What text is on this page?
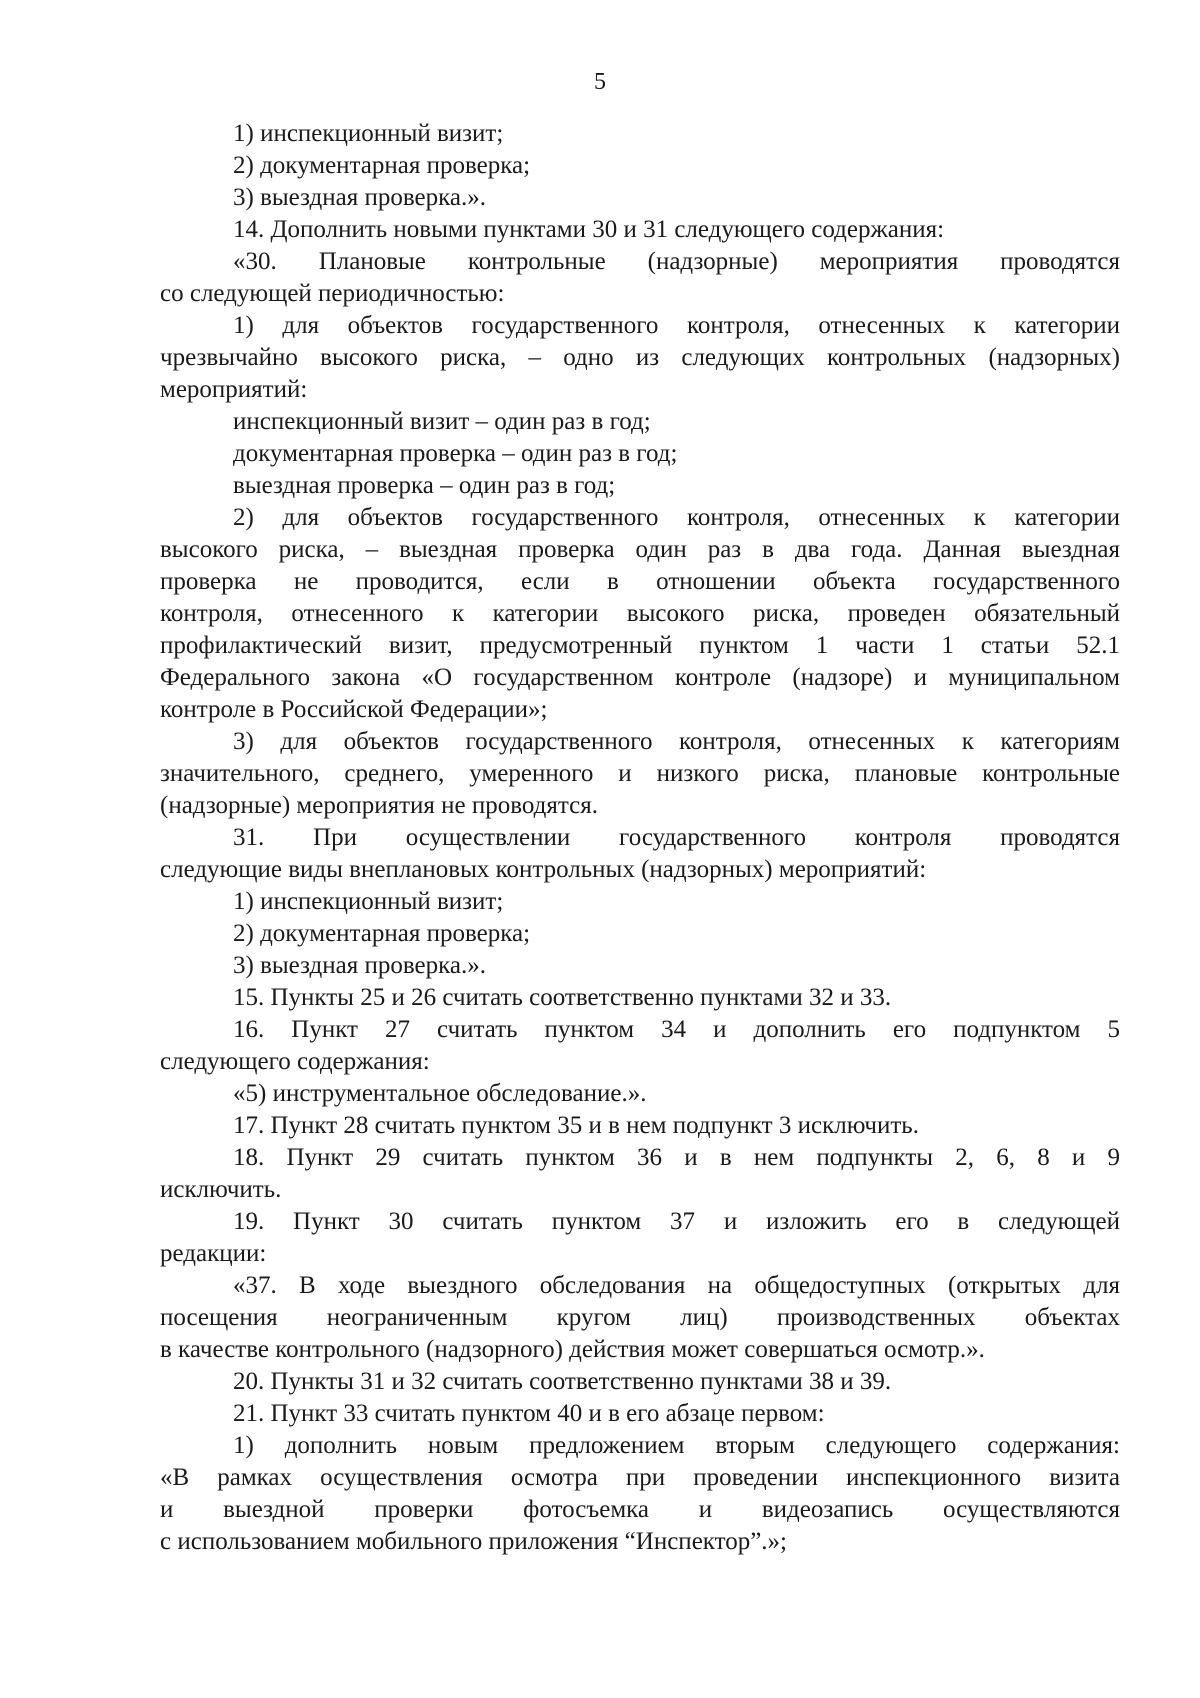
5
1) инспекционный визит;
2) документарная проверка;
3) выездная проверка.».
14. Дополнить новыми пунктами 30 и 31 следующего содержания:
«30. Плановые контрольные (надзорные) мероприятия проводятся
со следующей периодичностью:
1) для объектов государственного контроля, отнесенных к категории
чрезвычайно высокого риска, – одно из следующих контрольных (надзорных)
мероприятий:
инспекционный визит – один раз в год;
документарная проверка – один раз в год;
выездная проверка – один раз в год;
2) для объектов государственного контроля, отнесенных к категории
высокого риска, – выездная проверка один раз в два года. Данная выездная
проверка не проводится, если в отношении объекта государственного
контроля, отнесенного к категории высокого риска, проведен обязательный
профилактический визит, предусмотренный пунктом 1 части 1 статьи 52.1
Федерального закона «О государственном контроле (надзоре) и муниципальном
контроле в Российской Федерации»;
3) для объектов государственного контроля, отнесенных к категориям
значительного, среднего, умеренного и низкого риска, плановые контрольные
(надзорные) мероприятия не проводятся.
31. При осуществлении государственного контроля проводятся
следующие виды внеплановых контрольных (надзорных) мероприятий:
1) инспекционный визит;
2) документарная проверка;
3) выездная проверка.».
15. Пункты 25 и 26 считать соответственно пунктами 32 и 33.
16. Пункт 27 считать пунктом 34 и дополнить его подпунктом 5
следующего содержания:
«5) инструментальное обследование.».
17. Пункт 28 считать пунктом 35 и в нем подпункт 3 исключить.
18. Пункт 29 считать пунктом 36 и в нем подпункты 2, 6, 8 и 9
исключить.
19. Пункт 30 считать пунктом 37 и изложить его в следующей
редакции:
«37. В ходе выездного обследования на общедоступных (открытых для
посещения неограниченным кругом лиц) производственных объектах
в качестве контрольного (надзорного) действия может совершаться осмотр.».
20. Пункты 31 и 32 считать соответственно пунктами 38 и 39.
21. Пункт 33 считать пунктом 40 и в его абзаце первом:
1) дополнить новым предложением вторым следующего содержания:
«В рамках осуществления осмотра при проведении инспекционного визита
и выездной проверки фотосъемка и видеозапись осуществляются
с использованием мобильного приложения “Инспектор”.»;
